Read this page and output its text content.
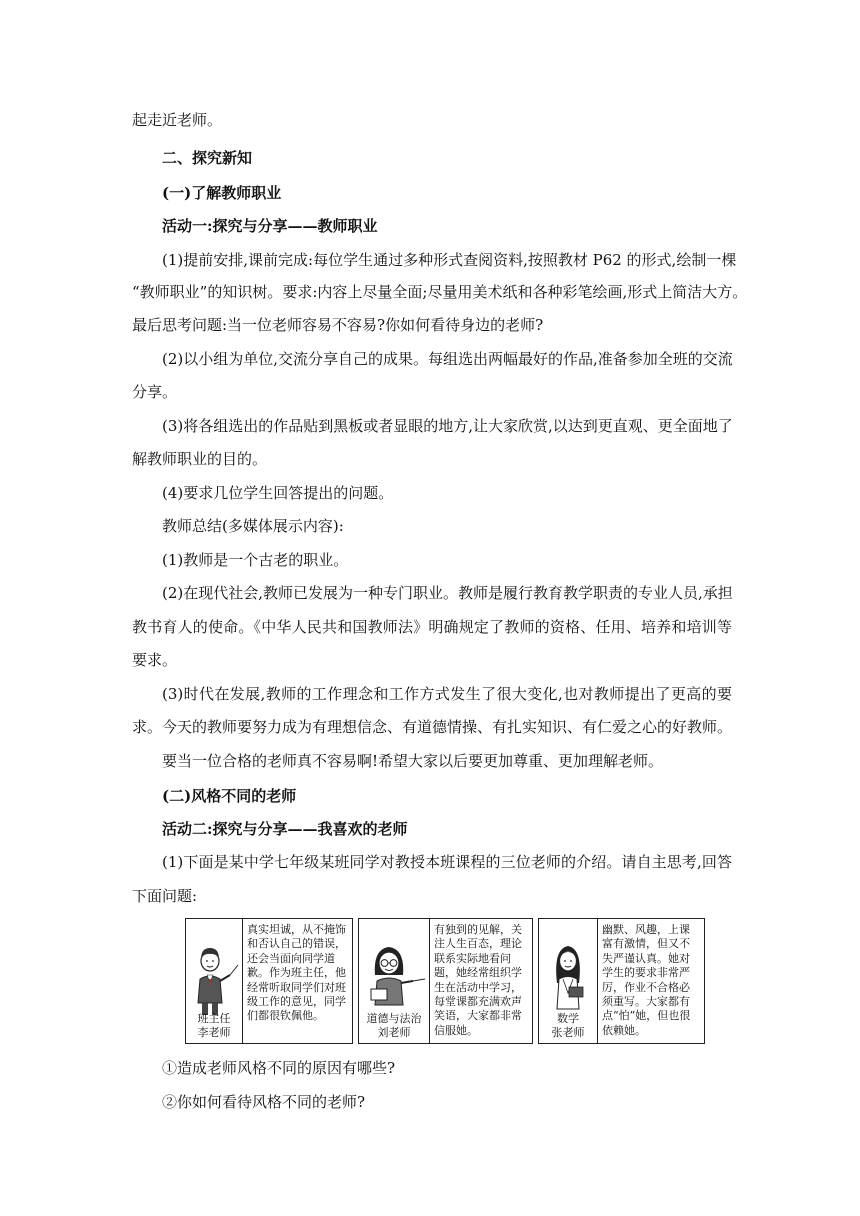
起走近老师。
二、探究新知
(一)了解教师职业
活动一:探究与分享——教师职业
(1)提前安排,课前完成:每位学生通过多种形式查阅资料,按照教材 P62 的形式,绘制一棵
“教师职业”的知识树。要求:内容上尽量全面;尽量用美术纸和各种彩笔绘画,形式上简洁大方。
最后思考问题:当一位老师容易不容易?你如何看待身边的老师?
(2)以小组为单位,交流分享自己的成果。每组选出两幅最好的作品,准备参加全班的交流
分享。
(3)将各组选出的作品贴到黑板或者显眼的地方,让大家欣赏,以达到更直观、更全面地了
解教师职业的目的。
(4)要求几位学生回答提出的问题。
教师总结(多媒体展示内容):
(1)教师是一个古老的职业。
(2)在现代社会,教师已发展为一种专门职业。教师是履行教育教学职责的专业人员,承担
教书育人的使命。《中华人民共和国教师法》明确规定了教师的资格、任用、培养和培训等
要求。
(3)时代在发展,教师的工作理念和工作方式发生了很大变化,也对教师提出了更高的要
求。今天的教师要努力成为有理想信念、有道德情操、有扎实知识、有仁爱之心的好教师。
要当一位合格的老师真不容易啊!希望大家以后要更加尊重、更加理解老师。
(二)风格不同的老师
活动二:探究与分享——我喜欢的老师
(1)下面是某中学七年级某班同学对教授本班课程的三位老师的介绍。请自主思考,回答
下面问题:
班主任
李老师
真实坦诚，从不掩饰和否认自己的错误，还会当面向同学道歉。作为班主任，他经常听取同学们对班级工作的意见，同学们都很钦佩他。	道德与法治
刘老师
有独到的见解，关注人生百态，理论联系实际地看问题，她经常组织学生在活动中学习，每堂课都充满欢声笑语，大家都非常信服她。
数学
张老师
幽默、风趣，上课富有激情，但又不失严谨认真。她对学生的要求非常严厉，作业不合格必须重写。大家都有点“怕”她，但也很依赖她。
①造成老师风格不同的原因有哪些?
②你如何看待风格不同的老师?
